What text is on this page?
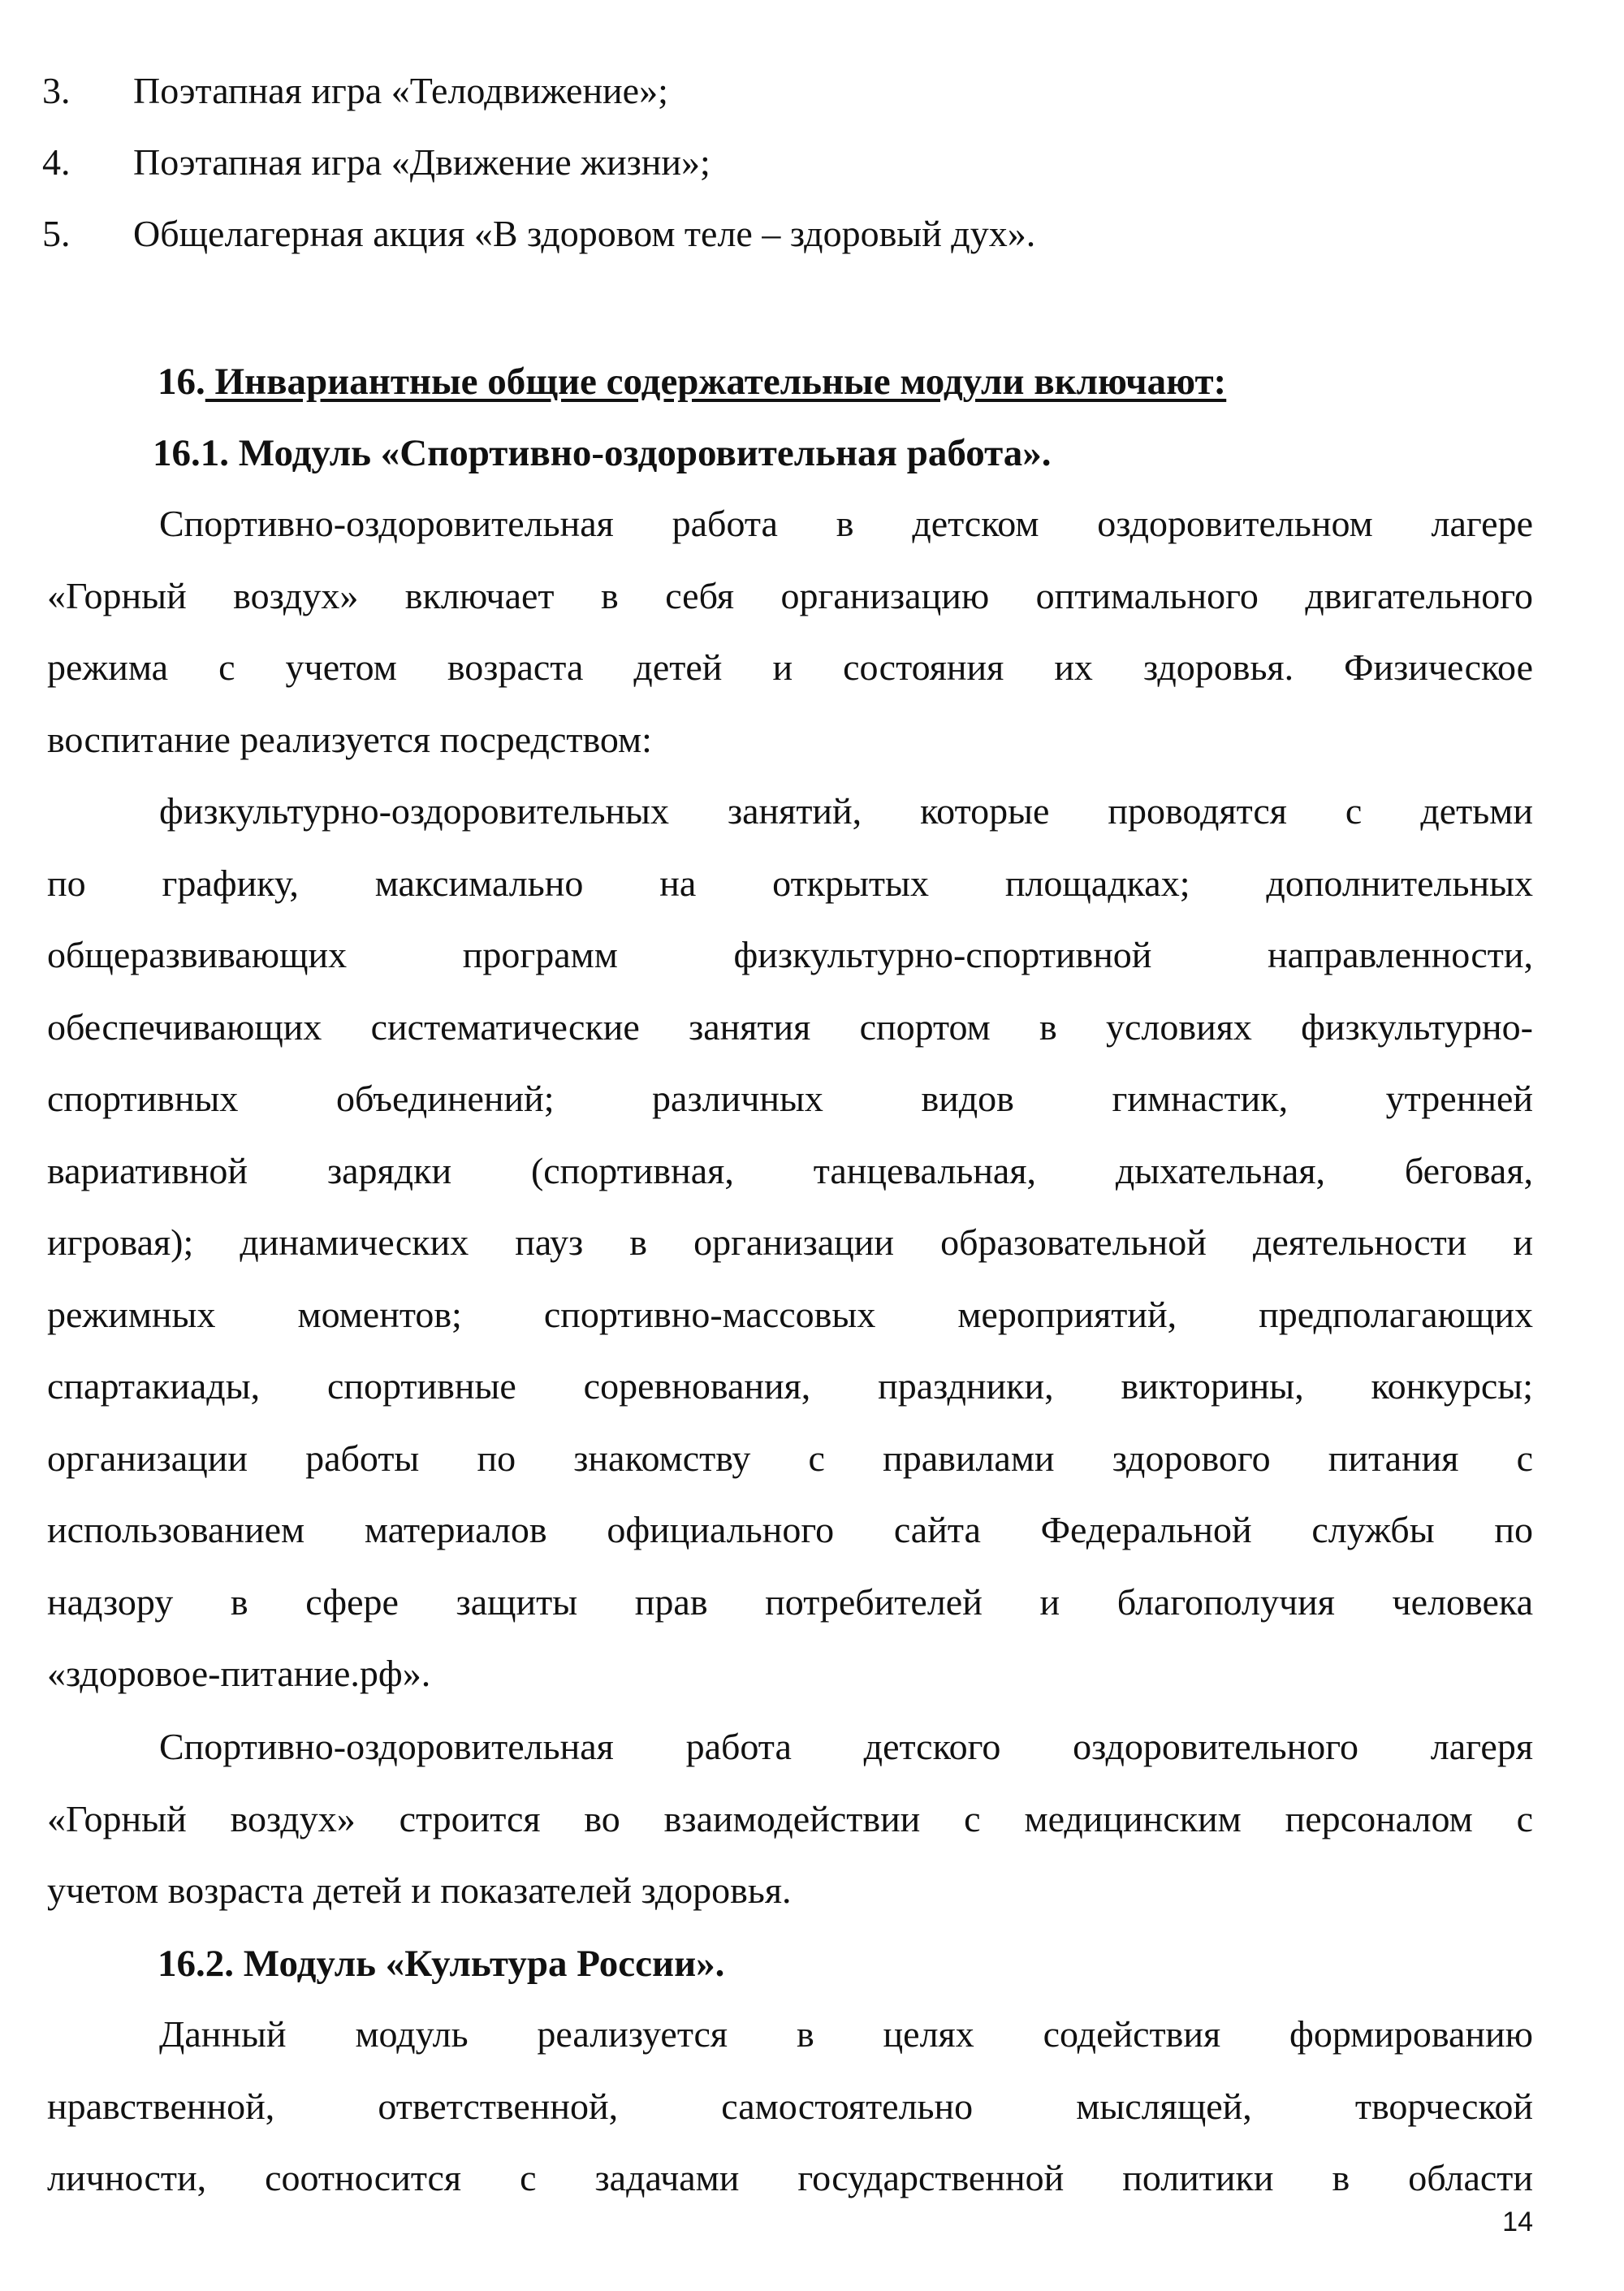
3. Поэтапная игра «Телодвижение»;
4. Поэтапная игра «Движение жизни»;
5. Общелагерная акция «В здоровом теле – здоровый дух».
16. Инвариантные общие содержательные модули включают:
16.1. Модуль «Спортивно-оздоровительная работа».
Спортивно-оздоровительная работа в детском оздоровительном лагере
«Горный воздух» включает в себя организацию оптимального двигательного
режима с учетом возраста детей и состояния их здоровья. Физическое
воспитание реализуется посредством:
физкультурно-оздоровительных занятий, которые проводятся с детьми
по графику, максимально на открытых площадках; дополнительных
общеразвивающих программ физкультурно-спортивной направленности,
обеспечивающих систематические занятия спортом в условиях физкультурно-
спортивных объединений; различных видов гимнастик, утренней
вариативной зарядки (спортивная, танцевальная, дыхательная, беговая,
игровая); динамических пауз в организации образовательной деятельности и
режимных моментов; спортивно-массовых мероприятий, предполагающих
спартакиады, спортивные соревнования, праздники, викторины, конкурсы;
организации работы по знакомству с правилами здорового питания с
использованием материалов официального сайта Федеральной службы по
надзору в сфере защиты прав потребителей и благополучия человека
«здоровое-питание.рф».
Спортивно-оздоровительная работа детского оздоровительного лагеря
«Горный воздух» строится во взаимодействии с медицинским персоналом с
учетом возраста детей и показателей здоровья.
16.2. Модуль «Культура России».
Данный модуль реализуется в целях содействия формированию
нравственной, ответственной, самостоятельно мыслящей, творческой
личности, соотносится с задачами государственной политики в области
14
